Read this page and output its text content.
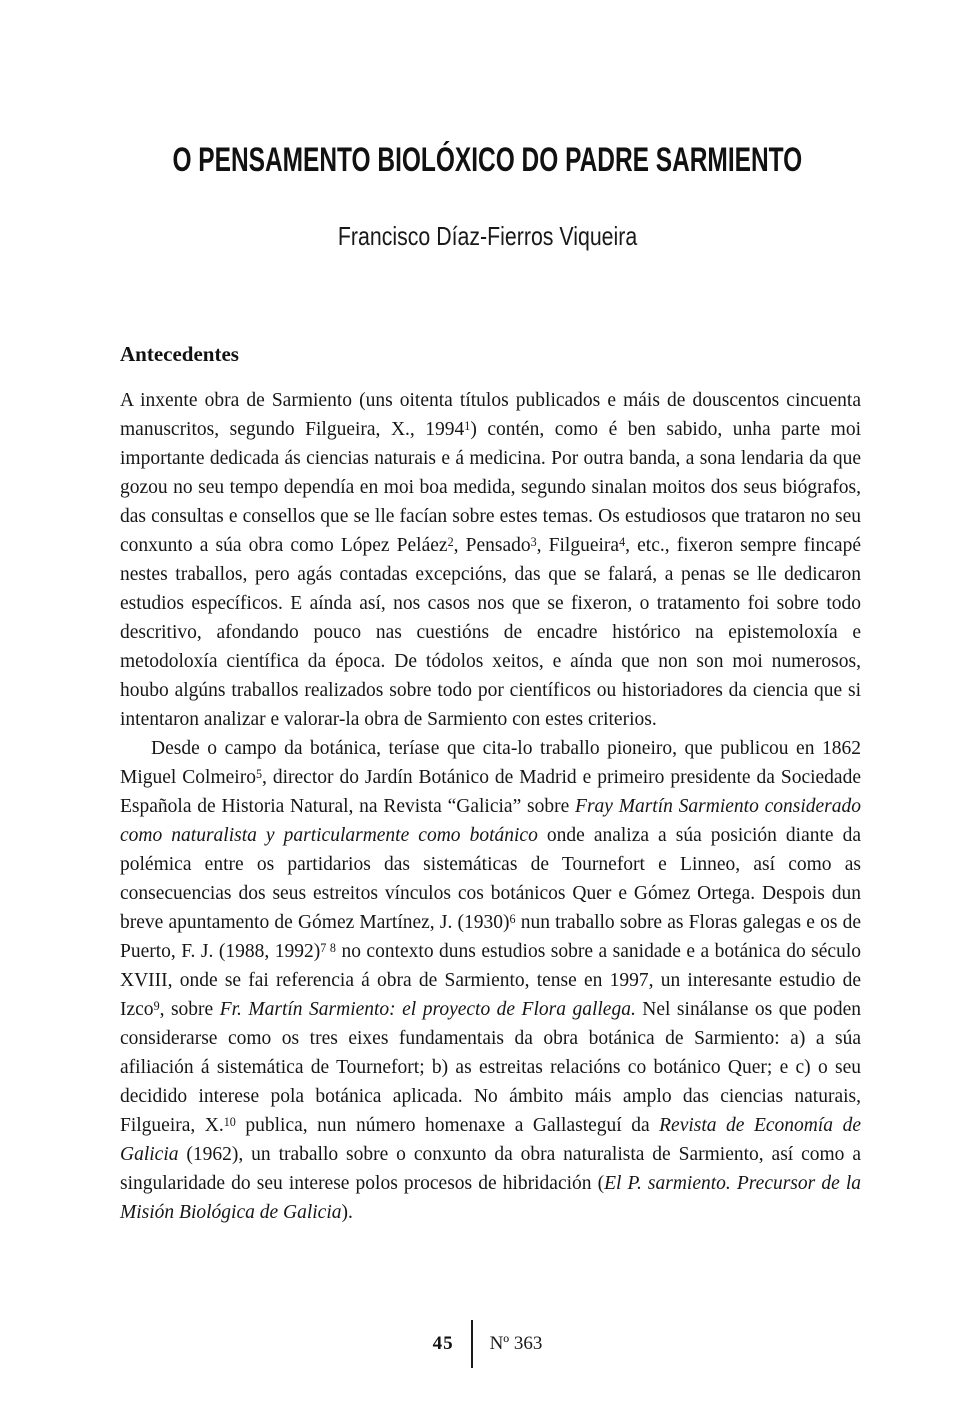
O PENSAMENTO BIOLÓXICO DO PADRE SARMIENTO
Francisco Díaz-Fierros Viqueira
Antecedentes

A inxente obra de Sarmiento (uns oitenta títulos publicados e máis de douscentos cincuenta manuscritos, segundo Filgueira, X., 1994$^1$) contén, como é ben sabido, unha parte moi importante dedicada ás ciencias naturais e á medicina. Por outra banda, a sona lendaria da que gozou no seu tempo dependía en moi boa medida, segundo sinalan moitos dos seus biógrafos, das consultas e consellos que se lle facían sobre estes temas. Os estudiosos que trataron no seu conxunto a súa obra como López Peláez$^2$, Pensado$^3$, Filgueira$^4$, etc., fixeron sempre fincapé nestes traballos, pero agás contadas excepcións, das que se falará, a penas se lle dedicaron estudios específicos. E aínda así, nos casos nos que se fixeron, o tratamento foi sobre todo descritivo, afondando pouco nas cuestións de encadre histórico na epistemoloxía e metodoloxía científica da época. De tódolos xeitos, e aínda que non son moi numerosos, houbo algúns traballos realizados sobre todo por científicos ou historiadores da ciencia que si intentaron analizar e valorar-la obra de Sarmiento con estes criterios.

Desde o campo da botánica, teríase que cita-lo traballo pioneiro, que publicou en 1862 Miguel Colmeiro$^5$, director do Jardín Botánico de Madrid e primeiro presidente da Sociedade Española de Historia Natural, na Revista “Galicia” sobre Fray Martín Sarmiento considerado como naturalista y particularmente como botánico onde analiza a súa posición diante da polémica entre os partidarios das sistemáticas de Tournefort e Linneo, así como as consecuencias dos seus estreitos vínculos cos botánicos Quer e Gómez Ortega. Despois dun breve apuntamento de Gómez Martínez, J. $(1930)^6$ nun traballo sobre as Floras galegas e os de Puerto, F. J. (1988, 1992)$^{7 8}$ no contexto duns estudios sobre a sanidade e a botánica do século XVIII, onde se fai referencia á obra de Sarmiento, tense en 1997, un interesante estudio de Izco$^9$, sobre Fr. Martín Sarmiento: el proyecto de Flora gallega. Nel sinálanse os que poden considerarse como os tres eixes fundamentais da obra botánica de Sarmiento: a) a súa afiliación á sistemática de Tournefort; b) as estreitas relacións co botánico Quer; e c) o seu decidido interese pola botánica aplicada. No ámbito máis amplo das ciencias naturais, Filgueira, X.$^{10}$ publica, nun número homenaxe a Gallasteguí da Revista de Economía de Galicia (1962), un traballo sobre o conxunto da obra naturalista de Sarmiento, así como a singularidade do seu interese polos procesos de hibridación (El P. sarmiento. Precursor de la Misión Biológica de Galicia).

45 Nº 363
